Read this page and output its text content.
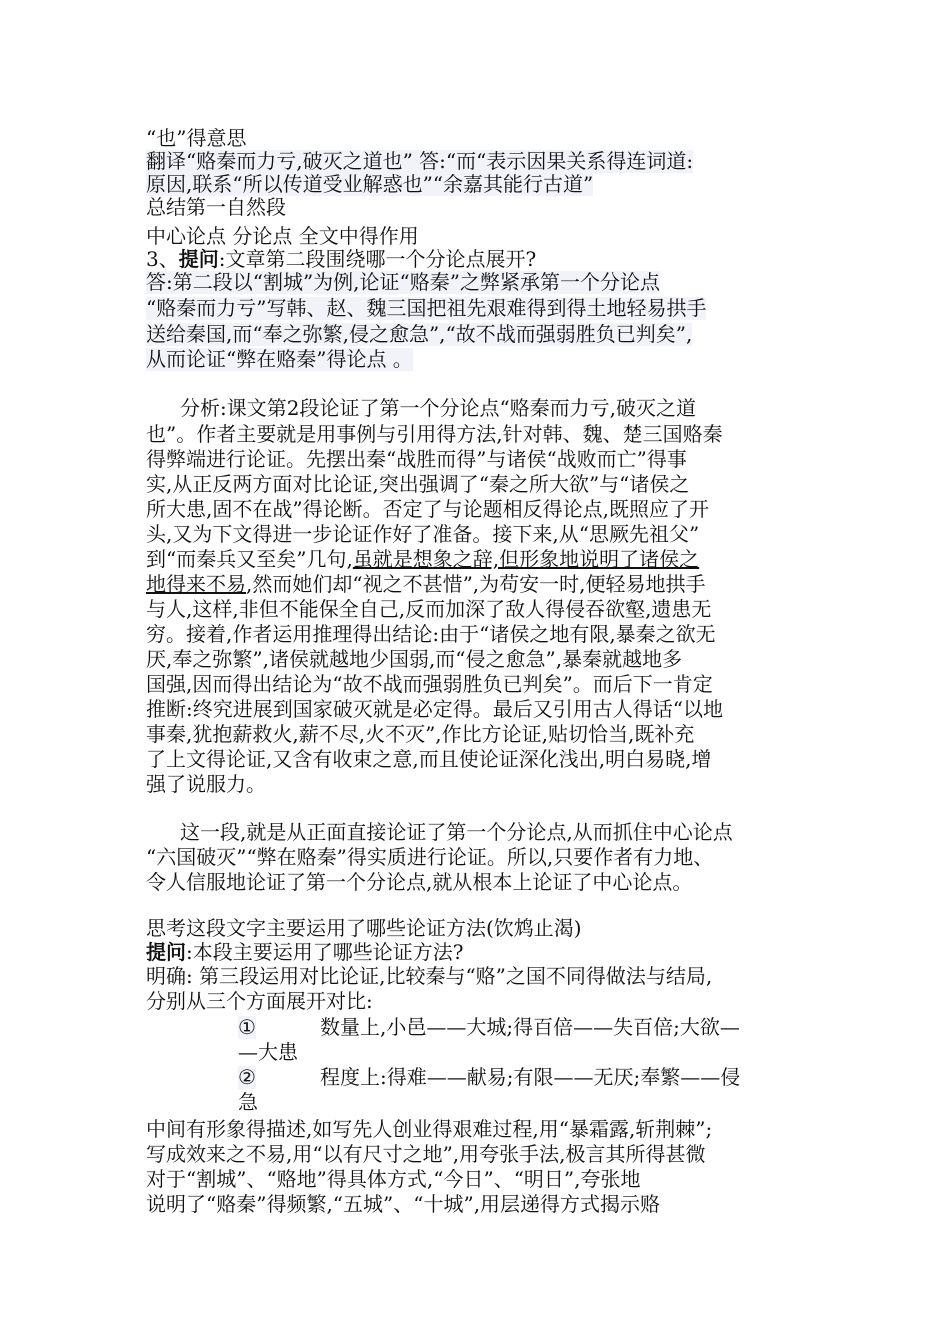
“也”得意思
翻译“赂秦而力亏,破灭之道也” 答:“而“表示因果关系得连词道:
原因,联系“所以传道受业解惑也”“余嘉其能行古道”
总结第一自然段
中心论点 分论点 全文中得作用
3、提问:文章第二段围绕哪一个分论点展开?
答:第二段以“割城”为例,论证“赂秦”之弊紧承第一个分论点
“赂秦而力亏”写韩、赵、魏三国把祖先艰难得到得土地轻易拱手
送给秦国,而“奉之弥繁,侵之愈急”,“故不战而强弱胜负已判矣”,
从而论证“弊在赂秦”得论点 。
分析:课文第2段论证了第一个分论点“赂秦而力亏,破灭之道
也”。作者主要就是用事例与引用得方法,针对韩、魏、楚三国赂秦
得弊端进行论证。先摆出秦“战胜而得”与诸侯“战败而亡”得事
实,从正反两方面对比论证,突出强调了“秦之所大欲”与“诸侯之
所大患,固不在战”得论断。否定了与论题相反得论点,既照应了开
头,又为下文得进一步论证作好了准备。接下来,从“思厥先祖父”
到“而秦兵又至矣”几句,虽就是想象之辞,但形象地说明了诸侯之
地得来不易,然而她们却“视之不甚惜”,为苟安一时,便轻易地拱手
与人,这样,非但不能保全自己,反而加深了敌人得侵吞欲壑,遗患无
穷。接着,作者运用推理得出结论:由于“诸侯之地有限,暴秦之欲无
厌,奉之弥繁”,诸侯就越地少国弱,而“侵之愈急”,暴秦就越地多
国强,因而得出结论为“故不战而强弱胜负已判矣”。而后下一肯定
推断:终究进展到国家破灭就是必定得。最后又引用古人得话“以地
事秦,犹抱薪救火,薪不尽,火不灭”,作比方论证,贴切恰当,既补充
了上文得论证,又含有收束之意,而且使论证深化浅出,明白易晓,增
强了说服力。
这一段,就是从正面直接论证了第一个分论点,从而抓住中心论点
“六国破灭”“弊在赂秦”得实质进行论证。所以,只要作者有力地、
令人信服地论证了第一个分论点,就从根本上论证了中心论点。
思考这段文字主要运用了哪些论证方法(饮鸩止渴)
提问:本段主要运用了哪些论证方法?
明确: 第三段运用对比论证,比较秦与“赂”之国不同得做法与结局,
分别从三个方面展开对比:
①	数量上,小邑——大城;得百倍——失百倍;大欲—
—大患
②	程度上:得难——献易;有限——无厌;奉繁——侵
急
中间有形象得描述,如写先人创业得艰难过程,用“暴霜露,斩荆棘”;
写成效来之不易,用“以有尺寸之地”,用夸张手法,极言其所得甚微
对于“割城”、“赂地”得具体方式,“今日”、“明日”,夸张地
说明了“赂秦”得频繁,“五城”、“十城”,用层递得方式揭示赂
